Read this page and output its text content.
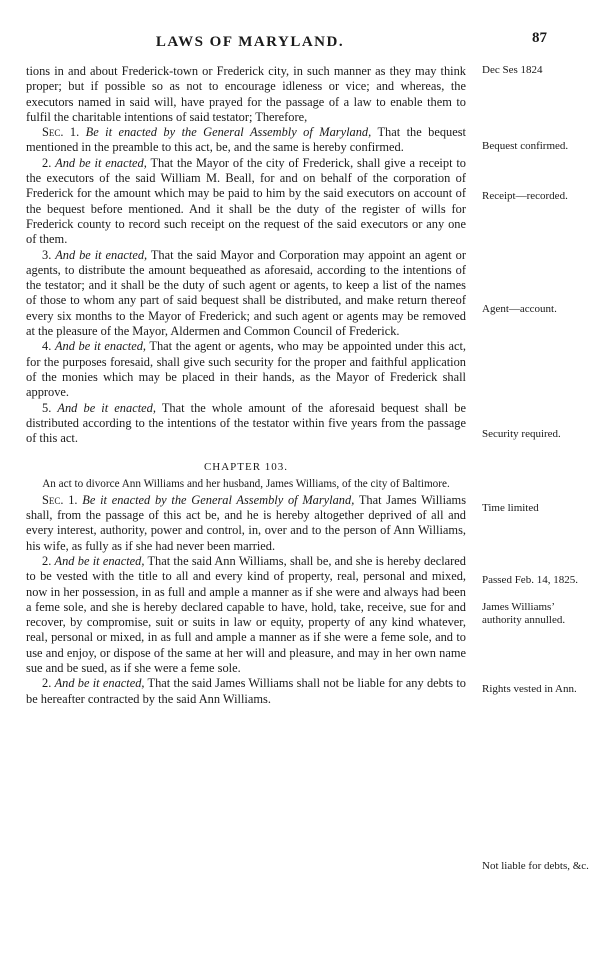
LAWS OF MARYLAND.	87
Dec Ses 1824
Bequest confirmed.
Receipt—recorded.
Agent—account.
Security required.
Time limited
Passed Feb. 14, 1825.
James Williams’ authority annulled.
Rights vested in Ann.
Not liable for debts, &c.

tions in and about Frederick-town or Frederick city, in such manner as they may think proper; but if possible so as not to encourage idleness or vice; and whereas, the executors named in said will, have prayed for the passage of a law to enable them to fulfil the charitable intentions of said testator; Therefore,

Sec. 1. Be it enacted by the General Assembly of Maryland, That the bequest mentioned in the preamble to this act, be, and the same is hereby confirmed.

2. And be it enacted, That the Mayor of the city of Frederick, shall give a receipt to the executors of the said William M. Beall, for and on behalf of the corporation of Frederick for the amount which may be paid to him by the said executors on account of the bequest before mentioned. And it shall be the duty of the register of wills for Frederick county to record such receipt on the request of the said executors or any one of them.

3. And be it enacted, That the said Mayor and Corporation may appoint an agent or agents, to distribute the amount bequeathed as aforesaid, according to the intentions of the testator; and it shall be the duty of such agent or agents, to keep a list of the names of those to whom any part of said bequest shall be distributed, and make return thereof every six months to the Mayor of Frederick; and such agent or agents may be removed at the pleasure of the Mayor, Aldermen and Common Council of Frederick.

4. And be it enacted, That the agent or agents, who may be appointed under this act, for the purposes foresaid, shall give such security for the proper and faithful application of the monies which may be placed in their hands, as the Mayor of Frederick shall approve.

5. And be it enacted, That the whole amount of the aforesaid bequest shall be distributed according to the intentions of the testator within five years from the passage of this act.

CHAPTER 103.
An act to divorce Ann Williams and her husband, James Williams, of the city of Baltimore.

Sec. 1. Be it enacted by the General Assembly of Maryland, That James Williams shall, from the passage of this act be, and he is hereby altogether deprived of all and every interest, authority, power and control, in, over and to the person of Ann Williams, his wife, as fully as if she had never been married.

2. And be it enacted, That the said Ann Williams, shall be, and she is hereby declared to be vested with the title to all and every kind of property, real, personal and mixed, now in her possession, in as full and ample a manner as if she were and always had been a feme sole, and she is hereby declared capable to have, hold, take, receive, sue for and recover, by compromise, suit or suits in law or equity, property of any kind whatever, real, personal or mixed, in as full and ample a manner as if she were a feme sole, and to use and enjoy, or dispose of the same at her will and pleasure, and may in her own name sue and be sued, as if she were a feme sole.

2. And be it enacted, That the said James Williams shall not be liable for any debts to be hereafter contracted by the said Ann Williams.
